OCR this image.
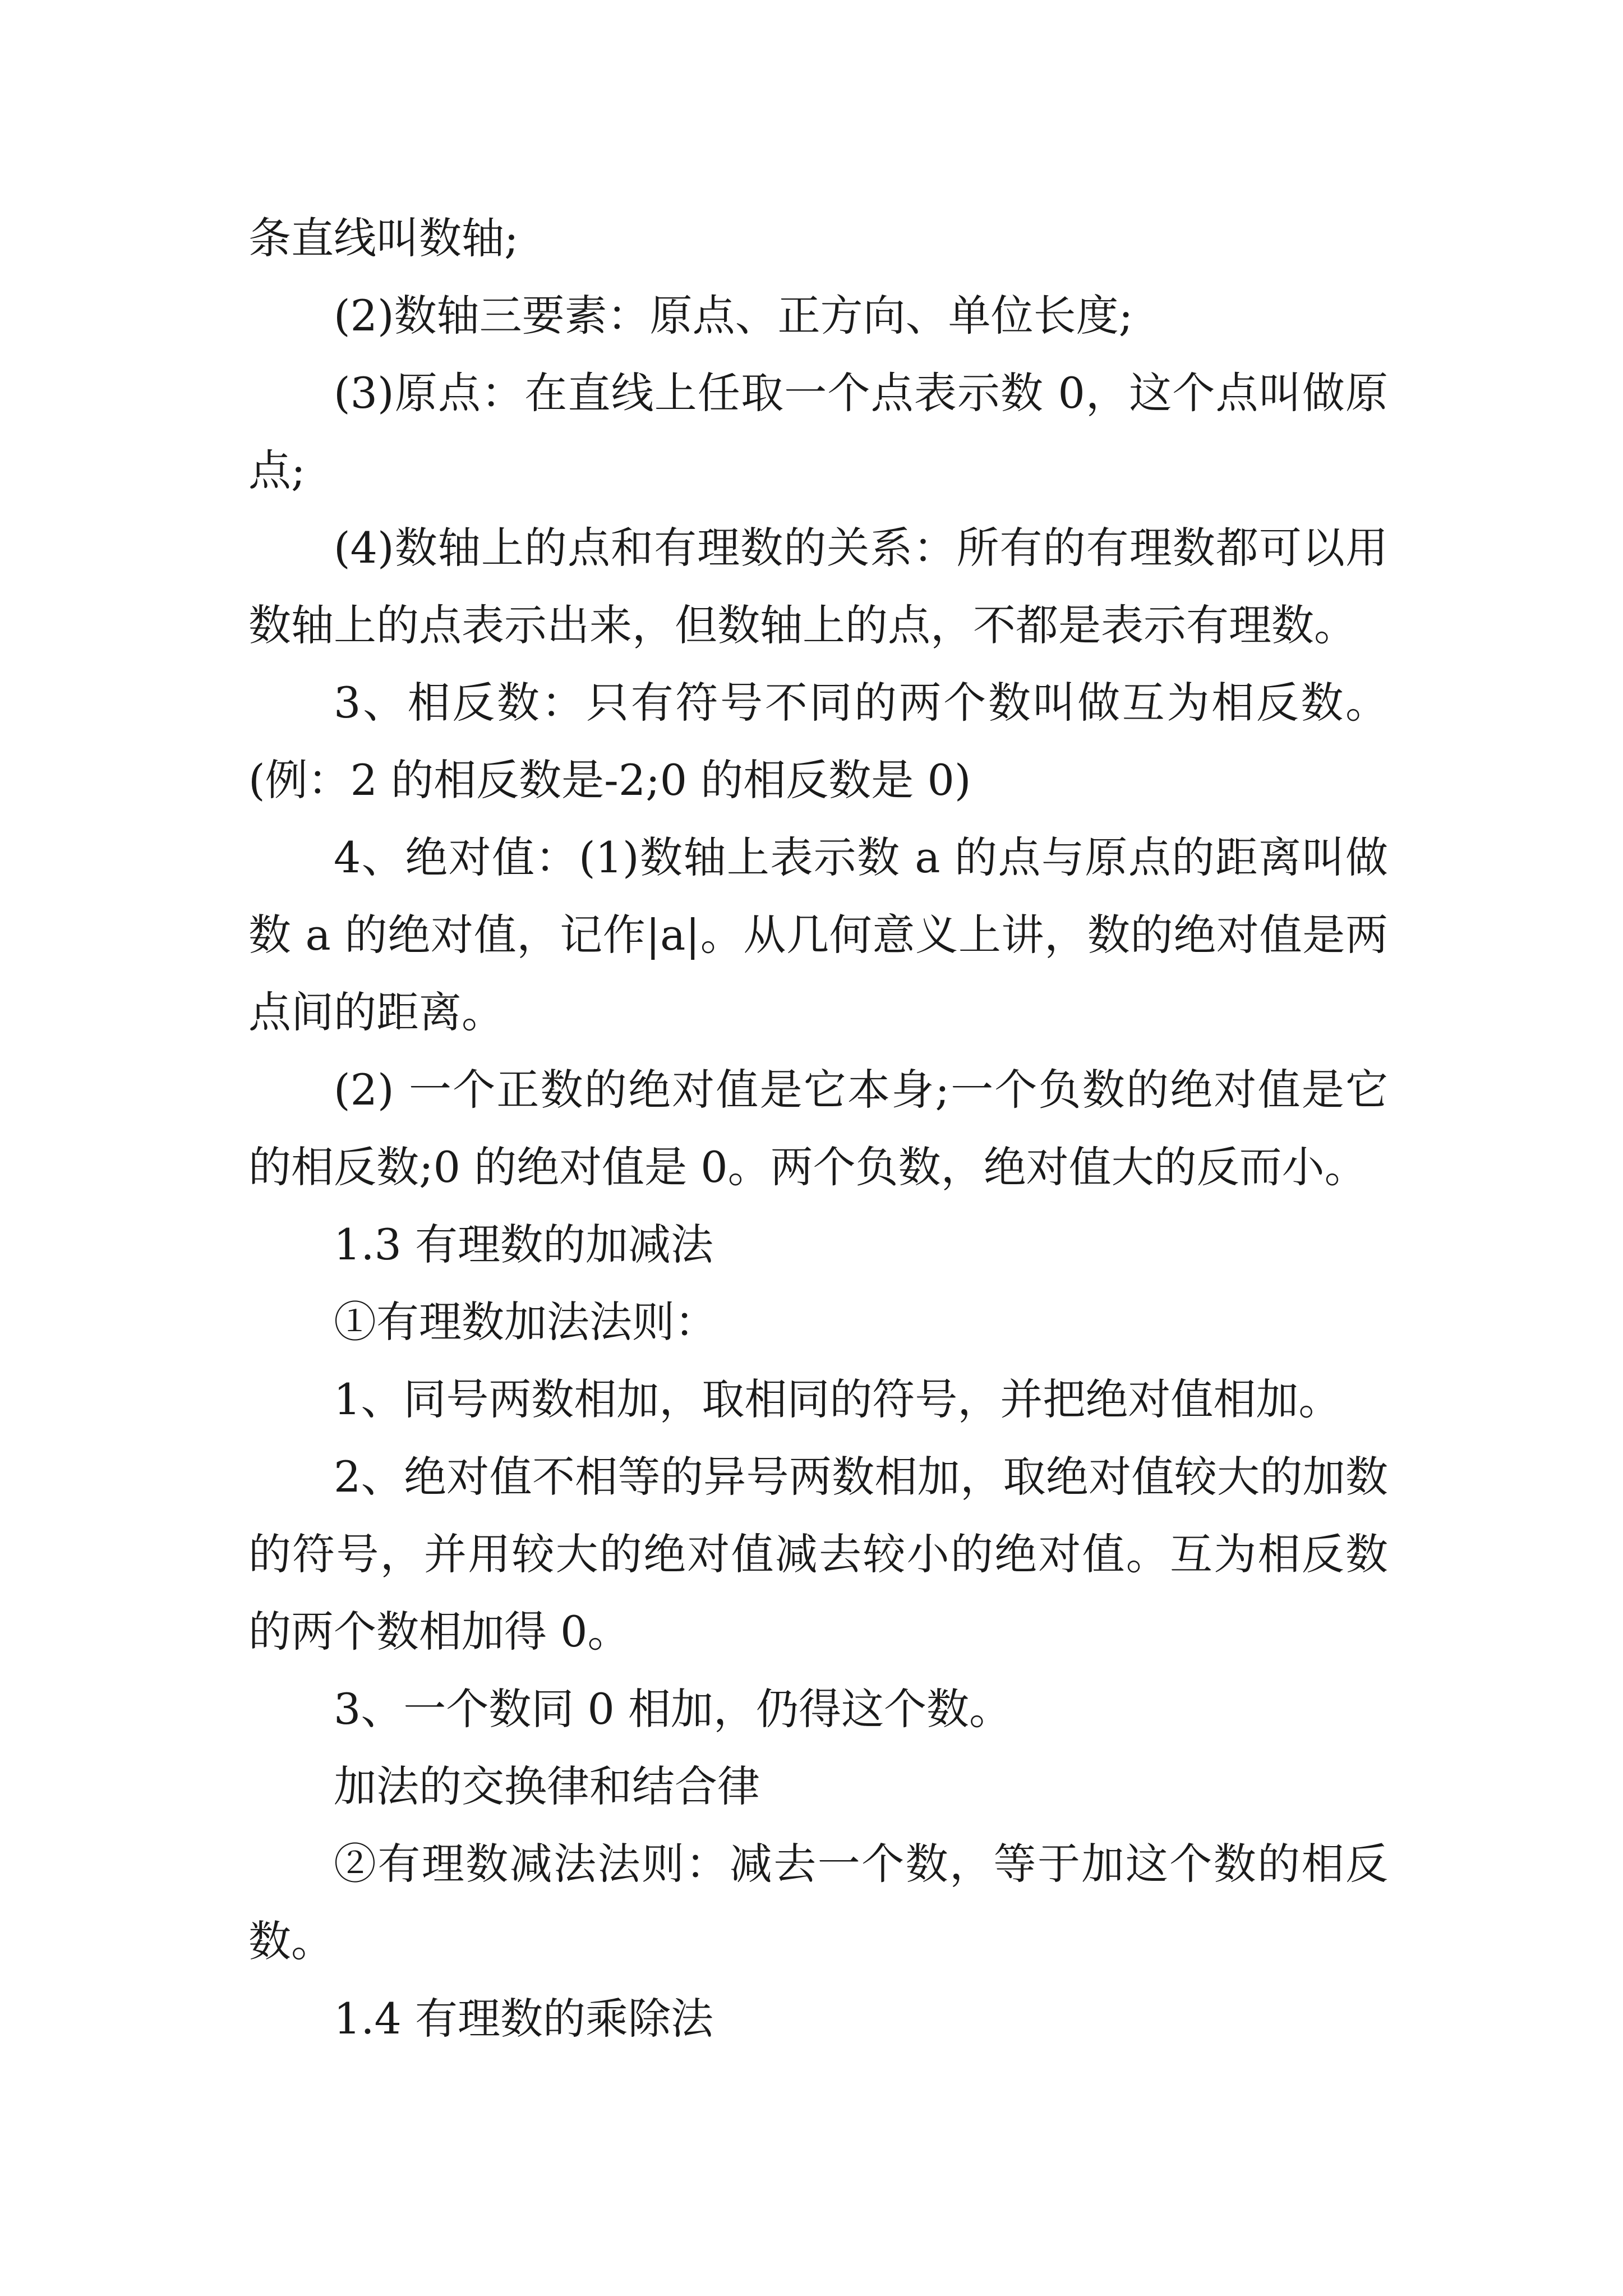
条直线叫数轴;

(2)数轴三要素：原点、正方向、单位长度;

(3)原点：在直线上任取一个点表示数 0，这个点叫做原点;

(4)数轴上的点和有理数的关系：所有的有理数都可以用数轴上的点表示出来，但数轴上的点，不都是表示有理数。

3、相反数：只有符号不同的两个数叫做互为相反数。(例：2 的相反数是-2;0 的相反数是 0)

4、绝对值：(1)数轴上表示数 a 的点与原点的距离叫做数 a 的绝对值，记作|a|。从几何意义上讲，数的绝对值是两点间的距离。

(2) 一个正数的绝对值是它本身;一个负数的绝对值是它的相反数;0 的绝对值是 0。两个负数，绝对值大的反而小。

1.3 有理数的加减法

①有理数加法法则：

1、同号两数相加，取相同的符号，并把绝对值相加。

2、绝对值不相等的异号两数相加，取绝对值较大的加数的符号，并用较大的绝对值减去较小的绝对值。互为相反数的两个数相加得 0。

3、一个数同 0 相加，仍得这个数。

加法的交换律和结合律

②有理数减法法则：减去一个数，等于加这个数的相反数。

1.4 有理数的乘除法
